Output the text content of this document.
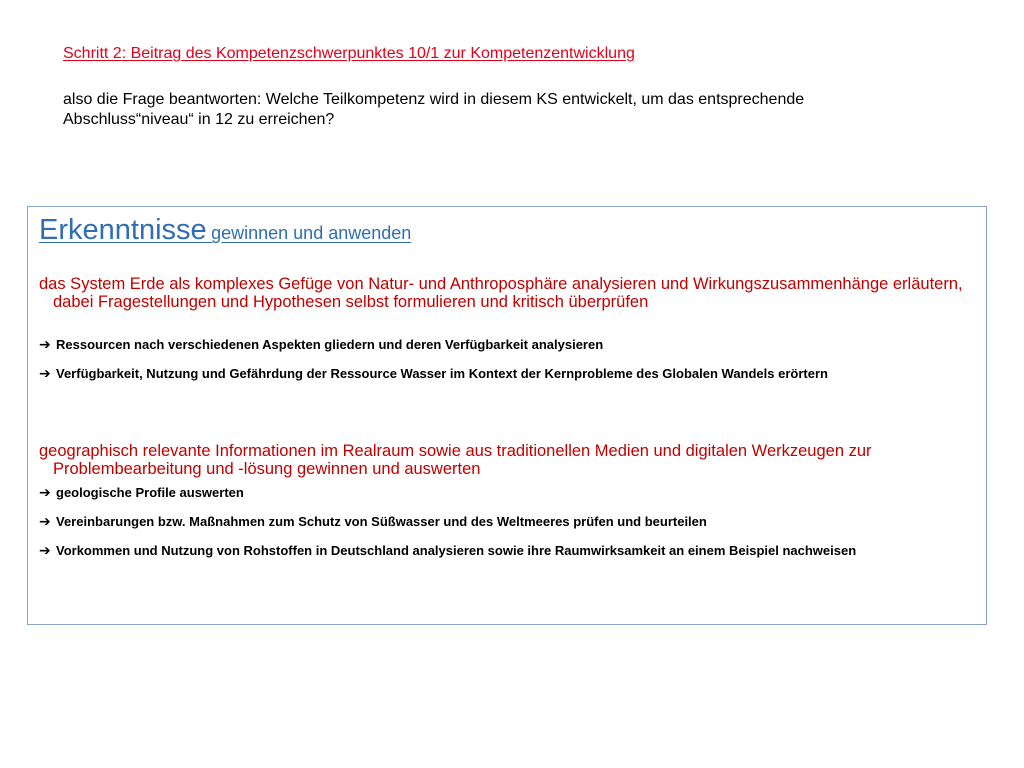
Schritt 2: Beitrag des Kompetenzschwerpunktes 10/1 zur Kompetenzentwicklung

also die Frage beantworten: Welche Teilkompetenz wird in diesem KS entwickelt, um das entsprechende
Abschluss“niveau“ in 12 zu erreichen?

Erkenntnisse gewinnen und anwenden

das System Erde als komplexes Gefüge von Natur- und Anthroposphäre analysieren und Wirkungszusammenhänge erläutern, dabei Fragestellungen und Hypothesen selbst formulieren und kritisch überprüfen

➔ Ressourcen nach verschiedenen Aspekten gliedern und deren Verfügbarkeit analysieren
➔ Verfügbarkeit, Nutzung und Gefährdung der Ressource Wasser im Kontext der Kernprobleme des Globalen Wandels erörtern

geographisch relevante Informationen im Realraum sowie aus traditionellen Medien und digitalen Werkzeugen zur Problembearbeitung und -lösung gewinnen und auswerten

➔ geologische Profile auswerten
➔ Vereinbarungen bzw. Maßnahmen zum Schutz von Süßwasser und des Weltmeeres prüfen und beurteilen
➔ Vorkommen und Nutzung von Rohstoffen in Deutschland analysieren sowie ihre Raumwirksamkeit an einem Beispiel nachweisen
